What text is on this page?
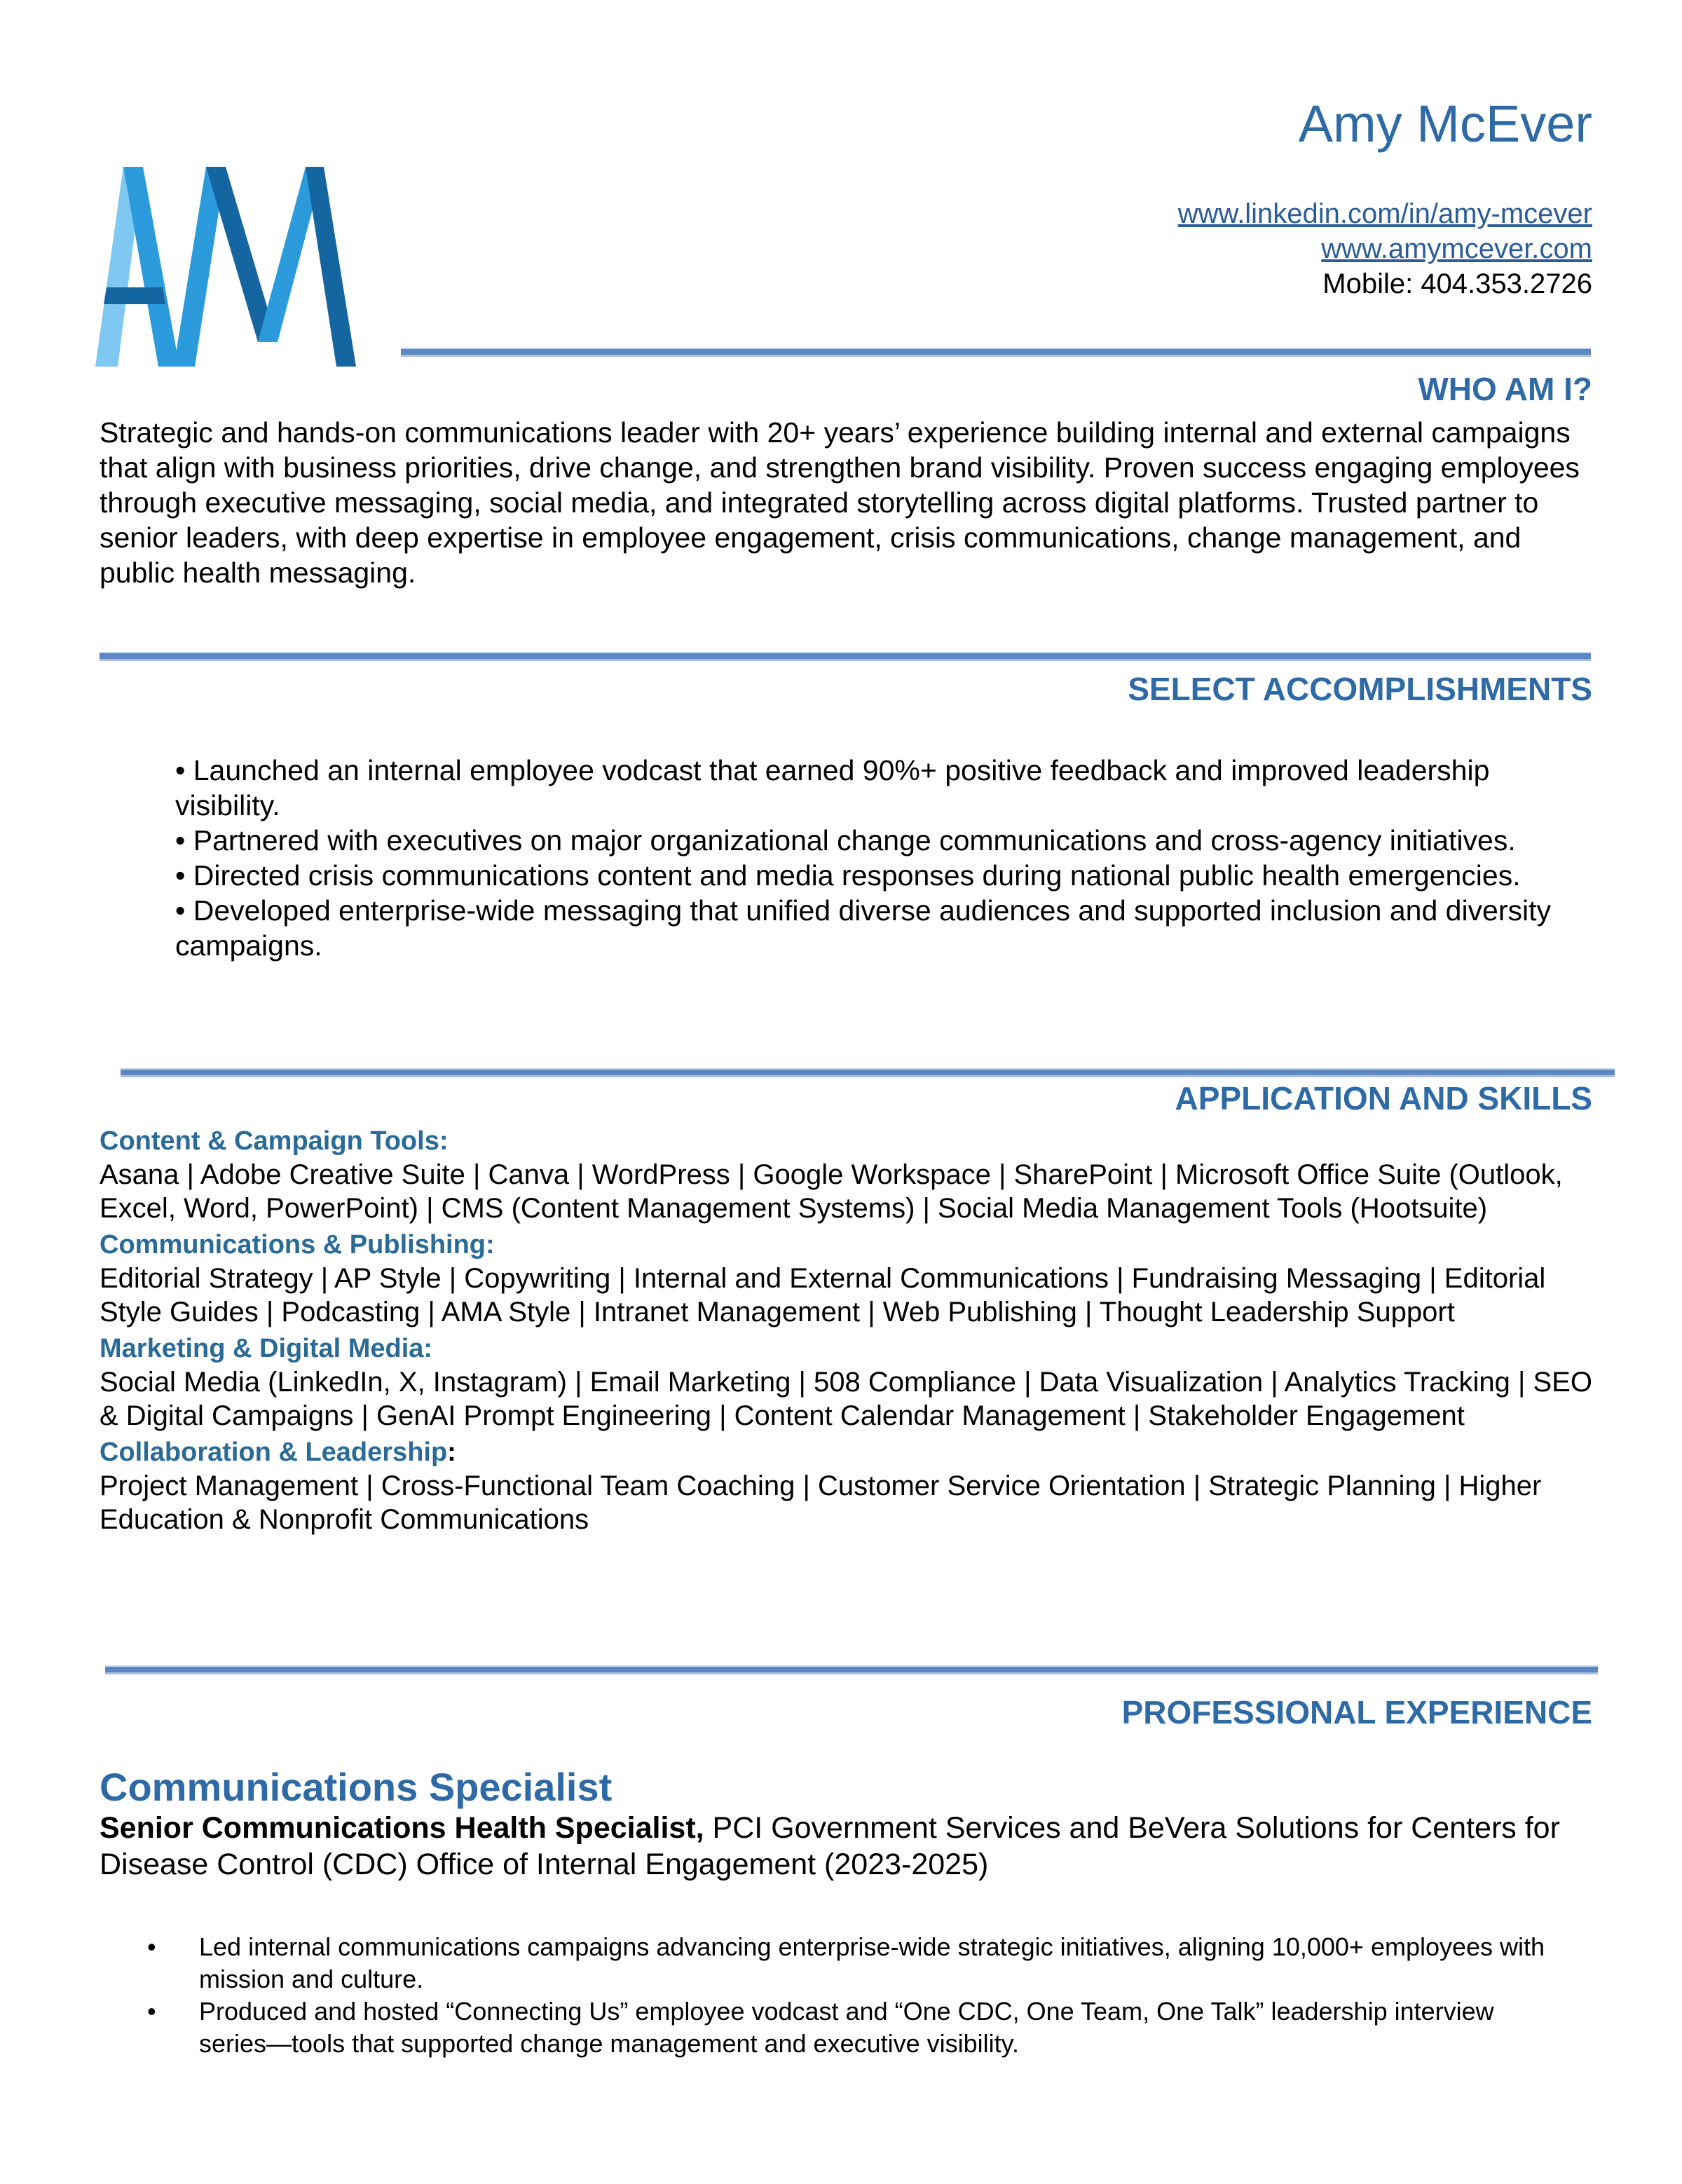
Amy McEver
www.linkedin.com/in/amy-mcever
www.amymcever.com
Mobile: 404.353.2726
WHO AM I?
Strategic and hands-on communications leader with 20+ years’ experience building internal and external campaigns that align with business priorities, drive change, and strengthen brand visibility. Proven success engaging employees through executive messaging, social media, and integrated storytelling across digital platforms. Trusted partner to senior leaders, with deep expertise in employee engagement, crisis communications, change management, and public health messaging.
SELECT ACCOMPLISHMENTS
• Launched an internal employee vodcast that earned 90%+ positive feedback and improved leadership visibility.
• Partnered with executives on major organizational change communications and cross-agency initiatives.
• Directed crisis communications content and media responses during national public health emergencies.
• Developed enterprise-wide messaging that unified diverse audiences and supported inclusion and diversity campaigns.
APPLICATION AND SKILLS
Content & Campaign Tools:
Asana | Adobe Creative Suite | Canva | WordPress | Google Workspace | SharePoint | Microsoft Office Suite (Outlook, Excel, Word, PowerPoint) | CMS (Content Management Systems) | Social Media Management Tools (Hootsuite)
Communications & Publishing:
Editorial Strategy | AP Style | Copywriting | Internal and External Communications | Fundraising Messaging | Editorial Style Guides | Podcasting | AMA Style | Intranet Management | Web Publishing | Thought Leadership Support
Marketing & Digital Media:
Social Media (LinkedIn, X, Instagram) | Email Marketing | 508 Compliance | Data Visualization | Analytics Tracking | SEO & Digital Campaigns | GenAI Prompt Engineering | Content Calendar Management | Stakeholder Engagement
Collaboration & Leadership:
Project Management | Cross-Functional Team Coaching | Customer Service Orientation | Strategic Planning | Higher Education & Nonprofit Communications
PROFESSIONAL EXPERIENCE
Communications Specialist
Senior Communications Health Specialist, PCI Government Services and BeVera Solutions for Centers for Disease Control (CDC) Office of Internal Engagement (2023-2025)
• Led internal communications campaigns advancing enterprise-wide strategic initiatives, aligning 10,000+ employees with mission and culture.
• Produced and hosted “Connecting Us” employee vodcast and “One CDC, One Team, One Talk” leadership interview series—tools that supported change management and executive visibility.
